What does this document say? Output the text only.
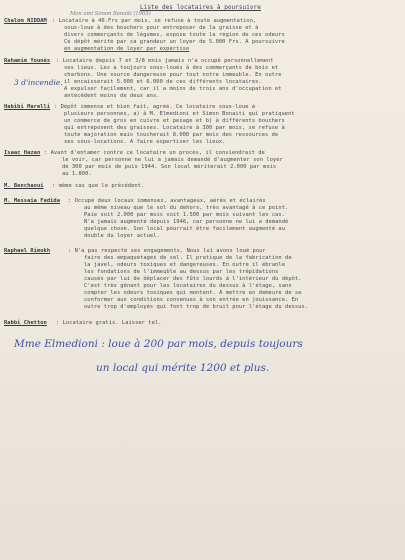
Liste des locataires à poursuivre
Mon ami Simon Bonaiti (1965)
Chalom NIDDAM : Locataire à 40.Frs par mois, se refuse à toute augmentation,
sous-loue à des bouchers pour entreposer de la graisse et à
divers commerçants de légumes, expose toute la région de ces odeurs
Ce dépôt mérite par sa grandeur un loyer de 5.000 Frs. A poursuivre
en augmentation de loyer par expertise
Rahamim Younès : Locataire depuis 7 et 3/8 mois jamais n'a occupé personnellement
ses lieux. Les a toujours sous-loués à des commerçants de bois et
charbons. Une source dangereuse pour tout notre immeuble. En outre
il encaisserait 5.000 et 6.000 de ces différents locataires.
A expulser facilement, car il a moins de trois ans d'occupation et
antécédent moins de deux ans.
3 d'incendie.
Habibi Marelli : Dépôt immense et bien fait, agréé. Ce locataire sous-loue à
plusieurs personnes, a) à M. Elmedioni et Simon Bonaiti qui pratiquent
un commerce de gros en cuivre et pesage et b) à différents bouchers
qui entreposent des graisses. Locataire à 300 par mois, se refuse à
toute majoration mais toucherait 8.000 par mois des ressources de
ses sous-locations. A faire expertiser les lieux.
Isaac Hazan : Avant d'entamer contre ce locataire un procès, il conviendrait de
le voir, car personne ne lui a jamais demandé d'augmenter son loyer
de 300 par mois de puis 1944. Son local mériterait 2.000 par mois
au 1.800.
M. Benchaoui : même cas que le précédent.
M. Messaia Fadida : Occupe deux locaux immenses, avantageux, aérés et éclairés
au même niveau que le sol du dehors, très avantagé à ce point.
Paie soit 2.000 par mois soit 1.500 par mois suivant les cas.
N'a jamais augmenté depuis 1946, car personne ne lui a demandé
quelque chose. Son local pourrait être facilement augmenté au
double du loyer actuel.
Raphael Rimokh	: N'a pas respecté ses engagements. Nous lui avons loué pour
faire des empaquetages de sel. Il pratique de la fabrication de
la javel, odeurs toxiques et dangereuses. En outre il ébranle
les fondations de l'immeuble au dessus par les trépidations
causés par lui de déplacer des fûts lourds à l'intérieur du dépôt.
C'est très gênant pour les locataires du dessus à l'étage, sans
compter les odeurs toxiques qui montent. A mettre en demeure de se
conformer aux conditions convenues à son entrée en jouissance. En
outre trop d'employés qui font trop de bruit pour l'étage du dessus.
Rabbi Chetton : Locataire gratis. Laisser tel.
Mme Elmedioni : loue à 200 par mois, depuis toujours
un local qui mérite 1200 et plus.
